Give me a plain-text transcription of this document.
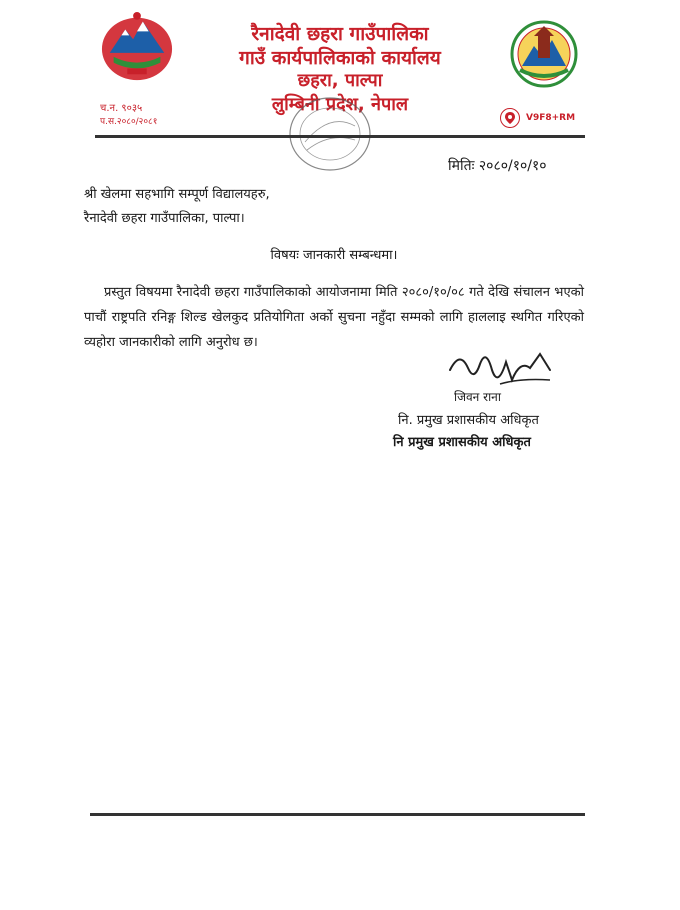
रैनादेवी छहरा गाउँपालिका
गाउँ कार्यपालिकाको कार्यालय
छहरा, पाल्पा
लुम्बिनी प्रदेश, नेपाल
च.न. ९०३५
प.स.२०८०/२०८१	V9F8+RM
मितिः २०८०/१०/१०
श्री खेलमा सहभागि सम्पूर्ण विद्यालयहरु,
रैनादेवी छहरा गाउँपालिका, पाल्पा।
विषयः जानकारी सम्बन्धमा।
प्रस्तुत विषयमा रैनादेवी छहरा गाउँपालिकाको आयोजनामा मिति २०८०/१०/०८ गते देखि संचालन भएको पाचौं राष्ट्रपति रनिङ्ग शिल्ड खेलकुद प्रतियोगिता अर्को सुचना नहुँदा सम्मको लागि हाललाइ स्थगित गरिएको व्यहोरा जानकारीको लागि अनुरोध छ।
जिवन राना
नि. प्रमुख प्रशासकीय अधिकृत
नि प्रमुख प्रशासकीय अधिकृत
